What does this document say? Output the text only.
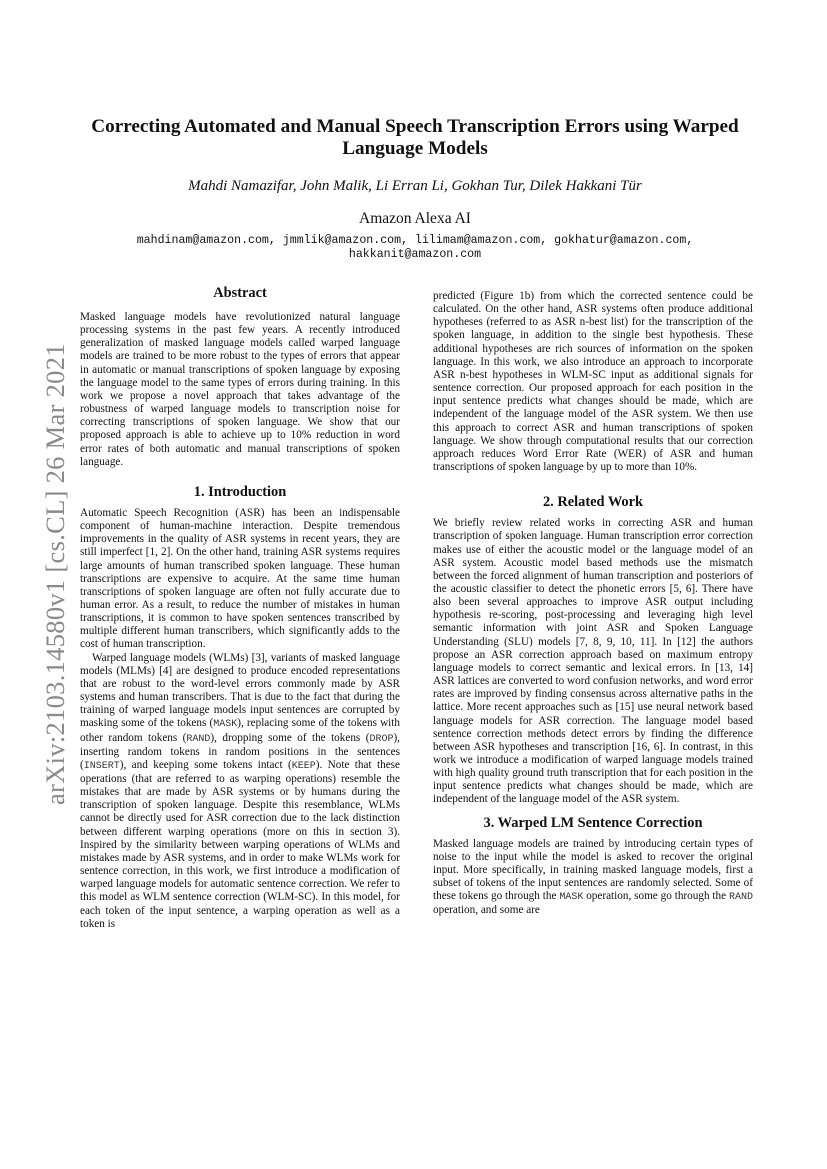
arXiv:2103.14580v1 [cs.CL] 26 Mar 2021
Correcting Automated and Manual Speech Transcription Errors using Warped Language Models
Mahdi Namazifar, John Malik, Li Erran Li, Gokhan Tur, Dilek Hakkani Tür
Amazon Alexa AI
mahdinam@amazon.com, jmmlik@amazon.com, lilimam@amazon.com, gokhatur@amazon.com, hakkanit@amazon.com
Abstract

Masked language models have revolutionized natural language processing systems in the past few years. A recently introduced generalization of masked language models called warped language models are trained to be more robust to the types of errors that appear in automatic or manual transcriptions of spoken language by exposing the language model to the same types of errors during training. In this work we propose a novel approach that takes advantage of the robustness of warped language models to transcription noise for correcting transcriptions of spoken language. We show that our proposed approach is able to achieve up to 10% reduction in word error rates of both automatic and manual transcriptions of spoken language.

1. Introduction

Automatic Speech Recognition (ASR) has been an indispensable component of human-machine interaction. Despite tremendous improvements in the quality of ASR systems in recent years, they are still imperfect [1, 2]. On the other hand, training ASR systems requires large amounts of human transcribed spoken language. These human transcriptions are expensive to acquire. At the same time human transcriptions of spoken language are often not fully accurate due to human error. As a result, to reduce the number of mistakes in human transcriptions, it is common to have spoken sentences transcribed by multiple different human transcribers, which significantly adds to the cost of human transcription.

Warped language models (WLMs) [3], variants of masked language models (MLMs) [4] are designed to produce encoded representations that are robust to the word-level errors commonly made by ASR systems and human transcribers. That is due to the fact that during the training of warped language models input sentences are corrupted by masking some of the tokens (MASK), replacing some of the tokens with other random tokens (RAND), dropping some of the tokens (DROP), inserting random tokens in random positions in the sentences (INSERT), and keeping some tokens intact (KEEP). Note that these operations (that are referred to as warping operations) resemble the mistakes that are made by ASR systems or by humans during the transcription of spoken language. Despite this resemblance, WLMs cannot be directly used for ASR correction due to the lack distinction between different warping operations (more on this in section 3). Inspired by the similarity between warping operations of WLMs and mistakes made by ASR systems, and in order to make WLMs work for sentence correction, in this work, we first introduce a modification of warped language models for automatic sentence correction. We refer to this model as WLM sentence correction (WLM-SC). In this model, for each token of the input sentence, a warping operation as well as a token is

predicted (Figure 1b) from which the corrected sentence could be calculated. On the other hand, ASR systems often produce additional hypotheses (referred to as ASR n-best list) for the transcription of the spoken language, in addition to the single best hypothesis. These additional hypotheses are rich sources of information on the spoken language. In this work, we also introduce an approach to incorporate ASR n-best hypotheses in WLM-SC input as additional signals for sentence correction. Our proposed approach for each position in the input sentence predicts what changes should be made, which are independent of the language model of the ASR system. We then use this approach to correct ASR and human transcriptions of spoken language. We show through computational results that our correction approach reduces Word Error Rate (WER) of ASR and human transcriptions of spoken language by up to more than 10%.

2. Related Work

We briefly review related works in correcting ASR and human transcription of spoken language. Human transcription error correction makes use of either the acoustic model or the language model of an ASR system. Acoustic model based methods use the mismatch between the forced alignment of human transcription and posteriors of the acoustic classifier to detect the phonetic errors [5, 6]. There have also been several approaches to improve ASR output including hypothesis re-scoring, post-processing and leveraging high level semantic information with joint ASR and Spoken Language Understanding (SLU) models [7, 8, 9, 10, 11]. In [12] the authors propose an ASR correction approach based on maximum entropy language models to correct semantic and lexical errors. In [13, 14] ASR lattices are converted to word confusion networks, and word error rates are improved by finding consensus across alternative paths in the lattice. More recent approaches such as [15] use neural network based language models for ASR correction. The language model based sentence correction methods detect errors by finding the difference between ASR hypotheses and transcription [16, 6]. In contrast, in this work we introduce a modification of warped language models trained with high quality ground truth transcription that for each position in the input sentence predicts what changes should be made, which are independent of the language model of the ASR system.

3. Warped LM Sentence Correction

Masked language models are trained by introducing certain types of noise to the input while the model is asked to recover the original input. More specifically, in training masked language models, first a subset of tokens of the input sentences are randomly selected. Some of these tokens go through the MASK operation, some go through the RAND operation, and some are
